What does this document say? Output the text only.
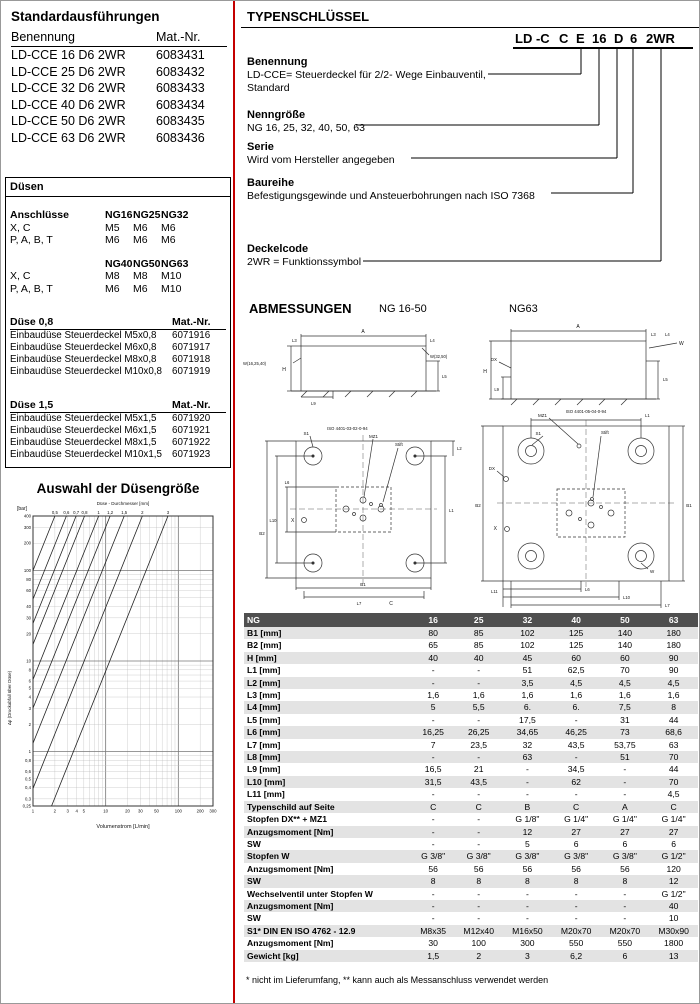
Standardausführungen
Benennung	Mat.-Nr.
LD-CCE 16 D6 2WR	6083431
LD-CCE 25 D6 2WR	6083432
LD-CCE 32 D6 2WR	6083433
LD-CCE 40 D6 2WR	6083434
LD-CCE 50 D6 2WR	6083435
LD-CCE 63 D6 2WR	6083436
Düsen
Anschlüsse	NG16 NG25 NG32
X, C	M5	M6	M6
P, A, B, T	M6	M6	M6
NG40 NG50 NG63
X, C	M8	M8	M10
P, A, B, T	M6	M6	M10
Düse 0,8	Mat.-Nr.
Einbaudüse Steuerdeckel M5x0,8	6071916
Einbaudüse Steuerdeckel M6x0,8	6071917
Einbaudüse Steuerdeckel M8x0,8	6071918
Einbaudüse Steuerdeckel M10x0,8	6071919
Düse 1,5	Mat.-Nr.
Einbaudüse Steuerdeckel M5x1,5	6071920
Einbaudüse Steuerdeckel M6x1,5	6071921
Einbaudüse Steuerdeckel M8x1,5	6071922
Einbaudüse Steuerdeckel M10x1,5	6071923
Auswahl der Düsengröße
1	2 3 4 5	10	20 30	50	100	200 300
400
300
200
100
80
60
40
30
20
10
8
6
5
4
3
2
1
0,8
0,6
0,5
0,4
0,3
0,25
0,5 0,6 0,7 0,8 1 1,2 1,5	2	3
[bar]
Düse - Durchmesser [mm]
Volumenstrom [L/min]
Δp (Druckabfall über Düse)
TYPENSCHLÜSSEL
LD -C C E 16 D 6 2WR
Benennung
LD-CCE= Steuerdeckel für 2/2- Wege Einbauventil, Standard
Nenngröße
NG 16, 25, 32, 40, 50, 63
Serie
Wird vom Hersteller angegeben
Baureihe
Befestigungsgewinde und Ansteuerbohrungen nach ISO 7368
Deckelcode
2WR = Funktionssymbol
ABMESSUNGEN NG 16-50	NG63
A
L3	L4
H
L5
L9
W(16,25,40)
W(32,50)
ISO 4401-03-02-0-94
S1
MZ1
Stift
X
L6
L10
B2
L1
L2
B1
L7	C
A
W
DX
H
L5
L9
L3 L4
ISO 4401-05-04-0-94
L1
MZ1
S1	Stift
DX
X
B2	B1
L11	L6
L10
L7
W
NG	16	25	32	40	50	63
B1 [mm]	80	85	102	125	140	180
B2 [mm]	65	85	102	125	140	180
H [mm]	40	40	45	60	60	90
L1 [mm]	-	-	51	62,5	70	90
L2 [mm]	-	-	3,5	4,5	4,5	4,5
L3 [mm]	1,6	1,6	1,6	1,6	1,6	1,6
L4 [mm]	5	5,5	6.	6.	7,5	8
L5 [mm]	-	-	17,5	-	31	44
L6 [mm]	16,25	26,25	34,65	46,25	73	68,6
L7 [mm]	7	23,5	32	43,5	53,75	63
L8 [mm]	-	-	63	-	51	70
L9 [mm]	16,5	21	-	34,5	-	44
L10 [mm]	31,5	43,5	-	62	-	70
L11 [mm]	-	-	-	-	-	4,5
Typenschild auf Seite	C	C	B	C	A	C
Stopfen DX** + MZ1	-	-	G 1/8"	G 1/4"	G 1/4"	G 1/4"
Anzugsmoment [Nm]	-	-	12	27	27	27
SW	-	-	5	6	6	6
Stopfen W	G 3/8"	G 3/8"	G 3/8"	G 3/8"	G 3/8"	G 1/2"
Anzugsmoment [Nm]	56	56	56	56	56	120
SW	8	8	8	8	8	12
Wechselventil unter Stopfen W	-	-	-	-	-	G 1/2"
Anzugsmoment [Nm]	-	-	-	-	-	40
SW	-	-	-	-	-	10
S1* DIN EN ISO 4762 - 12.9	M8x35	M12x40	M16x50	M20x70	M20x70	M30x90
Anzugsmoment [Nm]	30	100	300	550	550	1800
Gewicht [kg]	1,5	2	3	6,2	6	13
* nicht im Lieferumfang, ** kann auch als Messanschluss verwendet werden
